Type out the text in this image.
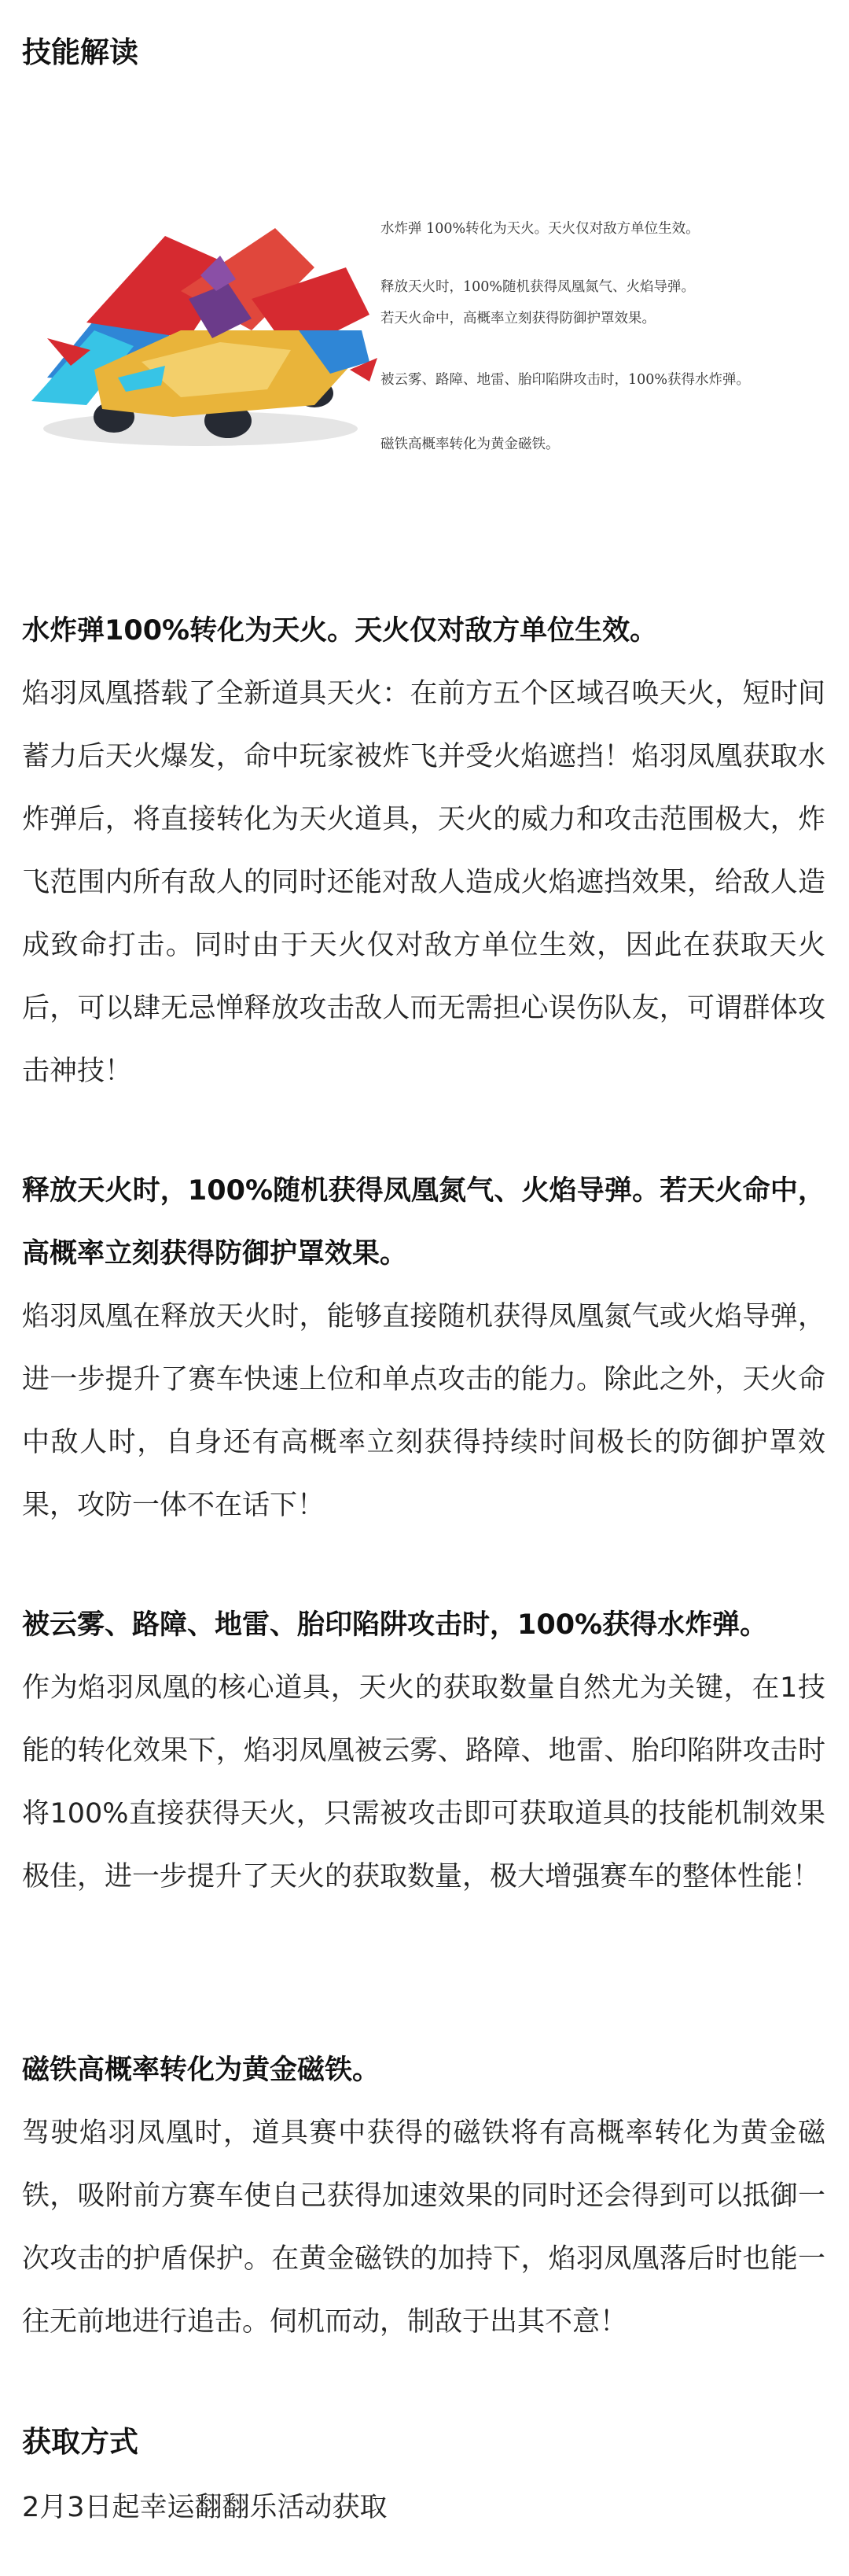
技能解读

水炸弹 100%转化为天火。天火仅对敌方单位生效。

释放天火时，100%随机获得凤凰氮气、火焰导弹。

若天火命中，高概率立刻获得防御护罩效果。

被云雾、路障、地雷、胎印陷阱攻击时，100%获得水炸弹。

磁铁高概率转化为黄金磁铁。

水炸弹100%转化为天火。天火仅对敌方单位生效。

焰羽凤凰搭载了全新道具天火：在前方五个区域召唤天火，短时间蓄力后天火爆发，命中玩家被炸飞并受火焰遮挡！焰羽凤凰获取水炸弹后，将直接转化为天火道具，天火的威力和攻击范围极大，炸飞范围内所有敌人的同时还能对敌人造成火焰遮挡效果，给敌人造成致命打击。同时由于天火仅对敌方单位生效，因此在获取天火后，可以肆无忌惮释放攻击敌人而无需担心误伤队友，可谓群体攻击神技！

释放天火时，100%随机获得凤凰氮气、火焰导弹。若天火命中，高概率立刻获得防御护罩效果。

焰羽凤凰在释放天火时，能够直接随机获得凤凰氮气或火焰导弹，进一步提升了赛车快速上位和单点攻击的能力。除此之外，天火命中敌人时，自身还有高概率立刻获得持续时间极长的防御护罩效果，攻防一体不在话下！

被云雾、路障、地雷、胎印陷阱攻击时，100%获得水炸弹。

作为焰羽凤凰的核心道具，天火的获取数量自然尤为关键，在1技能的转化效果下，焰羽凤凰被云雾、路障、地雷、胎印陷阱攻击时将100%直接获得天火，只需被攻击即可获取道具的技能机制效果极佳，进一步提升了天火的获取数量，极大增强赛车的整体性能！

磁铁高概率转化为黄金磁铁。

驾驶焰羽凤凰时，道具赛中获得的磁铁将有高概率转化为黄金磁铁，吸附前方赛车使自己获得加速效果的同时还会得到可以抵御一次攻击的护盾保护。在黄金磁铁的加持下，焰羽凤凰落后时也能一往无前地进行追击。伺机而动，制敌于出其不意！

获取方式

2月3日起幸运翻翻乐活动获取
